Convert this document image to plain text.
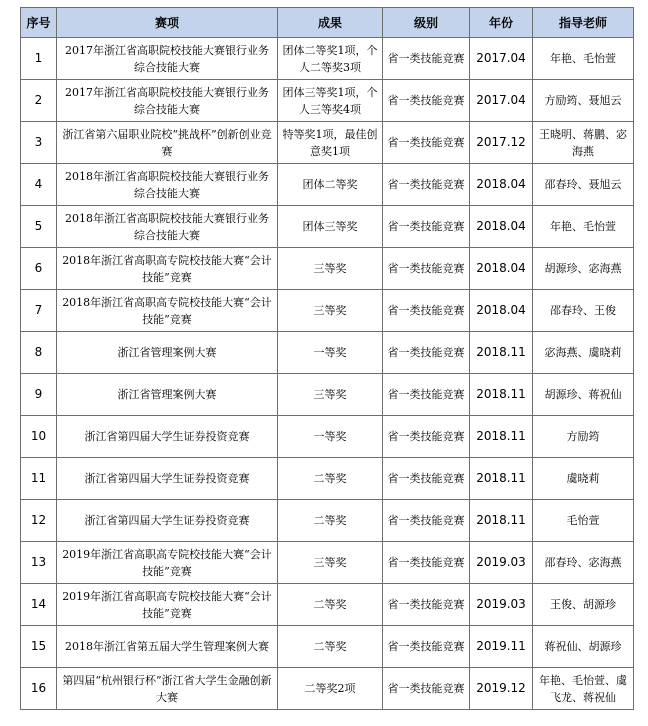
序号	赛项	成果	级别	年份	指导老师
1	2017年浙江省高职院校技能大赛银行业务综合技能大赛	团体二等奖1项，个人二等奖3项	省一类技能竞赛	2017.04	年艳、毛怡萱
2	2017年浙江省高职院校技能大赛银行业务综合技能大赛	团体三等奖1项，个人三等奖4项	省一类技能竞赛	2017.04	方励筠、聂旭云
3	浙江省第六届职业院校“挑战杯”创新创业竞赛	特等奖1项，最佳创意奖1项	省一类技能竞赛	2017.12	王晓明、蒋鹏、宓海燕
4	2018年浙江省高职院校技能大赛银行业务综合技能大赛	团体二等奖	省一类技能竞赛	2018.04	邵春玲、聂旭云
5	2018年浙江省高职院校技能大赛银行业务综合技能大赛	团体三等奖	省一类技能竞赛	2018.04	年艳、毛怡萱
6	2018年浙江省高职高专院校技能大赛“会计技能”竞赛	三等奖	省一类技能竞赛	2018.04	胡源珍、宓海燕
7	2018年浙江省高职高专院校技能大赛“会计技能”竞赛	三等奖	省一类技能竞赛	2018.04	邵春玲、王俊
8	浙江省管理案例大赛	一等奖	省一类技能竞赛	2018.11	宓海燕、虞晓莉
9	浙江省管理案例大赛	三等奖	省一类技能竞赛	2018.11	胡源珍、蒋祝仙
10	浙江省第四届大学生证券投资竞赛	一等奖	省一类技能竞赛	2018.11	方励筠
11	浙江省第四届大学生证券投资竞赛	二等奖	省一类技能竞赛	2018.11	虞晓莉
12	浙江省第四届大学生证券投资竞赛	二等奖	省一类技能竞赛	2018.11	毛怡萱
13	2019年浙江省高职高专院校技能大赛“会计技能”竞赛	三等奖	省一类技能竞赛	2019.03	邵春玲、宓海燕
14	2019年浙江省高职高专院校技能大赛“会计技能”竞赛	二等奖	省一类技能竞赛	2019.03	王俊、胡源珍
15	2018年浙江省第五届大学生管理案例大赛	二等奖	省一类技能竞赛	2019.11	蒋祝仙、胡源珍
16	第四届“杭州银行杯”浙江省大学生金融创新大赛	二等奖2项	省一类技能竞赛	2019.12	年艳、毛怡萱、虞飞龙、蒋祝仙
